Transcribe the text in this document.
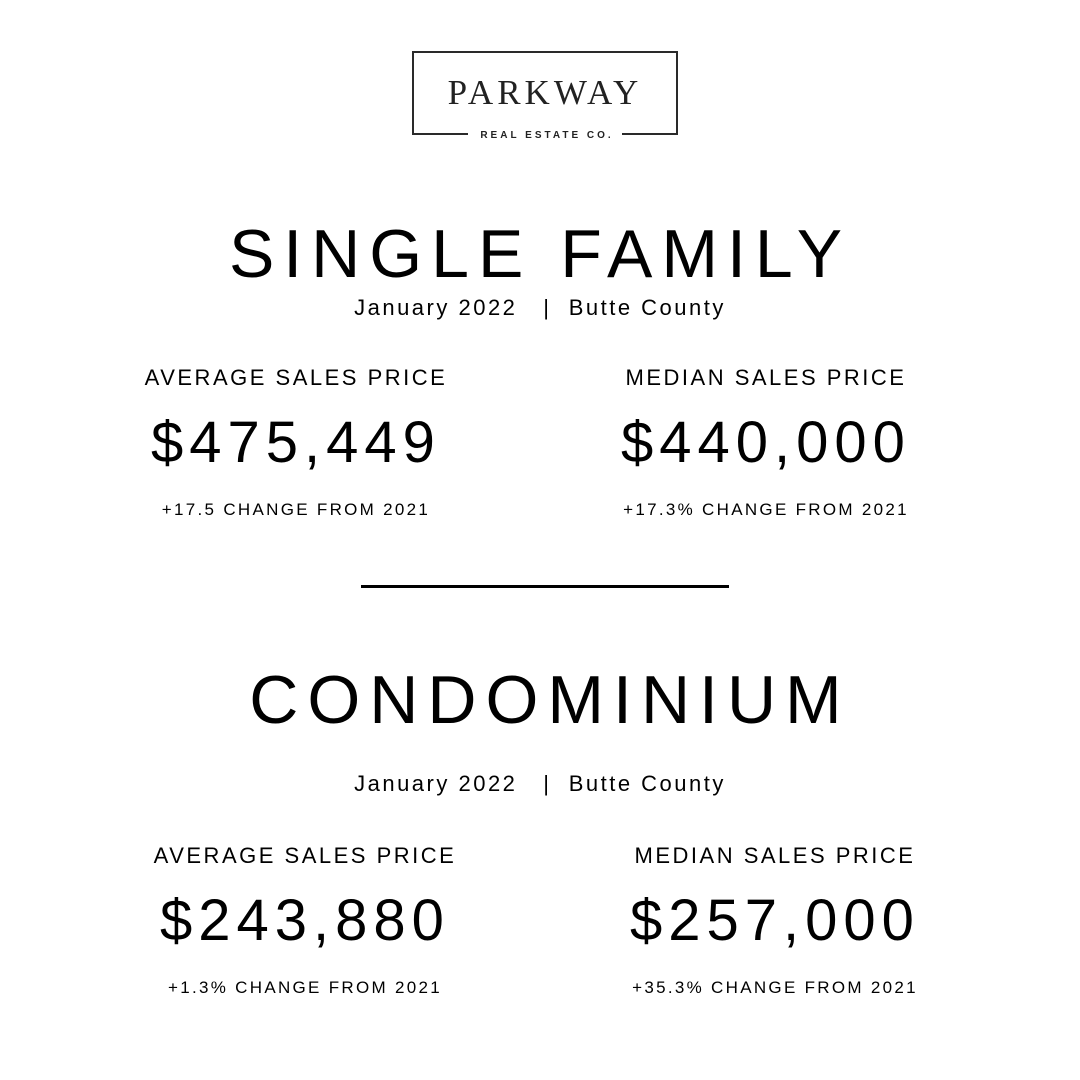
PARKWAY
REAL ESTATE CO.
SINGLE FAMILY
January 2022   |  Butte County
AVERAGE SALES PRICE
$475,449
+17.5 CHANGE FROM 2021
MEDIAN SALES PRICE
$440,000
+17.3% CHANGE FROM 2021
CONDOMINIUM
January 2022   |  Butte County
AVERAGE SALES PRICE
$243,880
+1.3% CHANGE FROM 2021
MEDIAN SALES PRICE
$257,000
+35.3% CHANGE FROM 2021
